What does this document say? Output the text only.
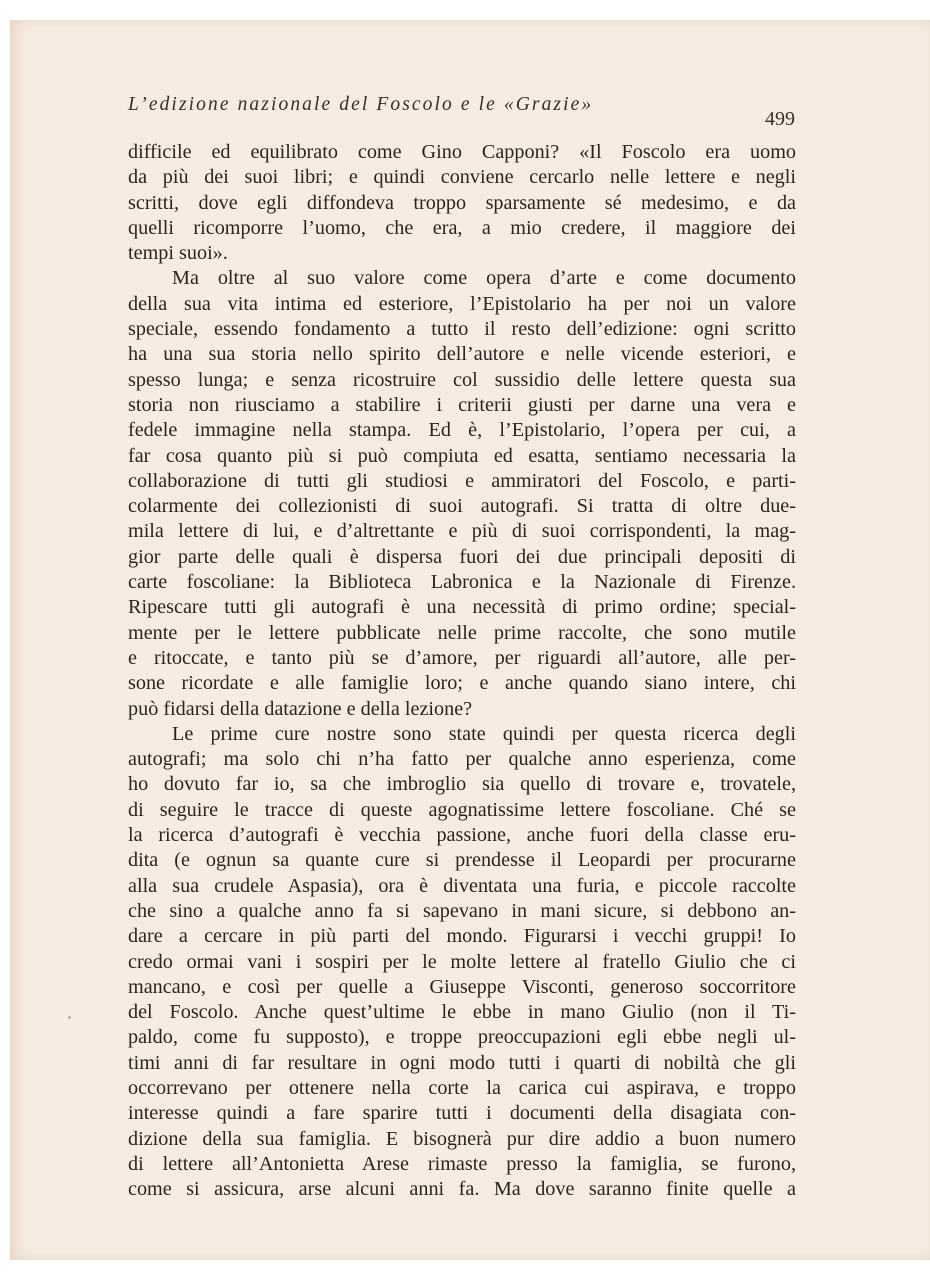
L’edizione nazionale del Foscolo e le «Grazie»
499

difficile ed equilibrato come Gino Capponi? «Il Foscolo era uomo

da più dei suoi libri; e quindi conviene cercarlo nelle lettere e negli

scritti, dove egli diffondeva troppo sparsamente sé medesimo, e da

quelli ricomporre l’uomo, che era, a mio credere, il maggiore dei

tempi suoi».

Ma oltre al suo valore come opera d’arte e come documento

della sua vita intima ed esteriore, l’Epistolario ha per noi un valore

speciale, essendo fondamento a tutto il resto dell’edizione: ogni scritto

ha una sua storia nello spirito dell’autore e nelle vicende esteriori, e

spesso lunga; e senza ricostruire col sussidio delle lettere questa sua

storia non riusciamo a stabilire i criterii giusti per darne una vera e

fedele immagine nella stampa. Ed è, l’Epistolario, l’opera per cui, a

far cosa quanto più si può compiuta ed esatta, sentiamo necessaria la

collaborazione di tutti gli studiosi e ammiratori del Foscolo, e parti-

colarmente dei collezionisti di suoi autografi. Si tratta di oltre due-

mila lettere di lui, e d’altrettante e più di suoi corrispondenti, la mag-

gior parte delle quali è dispersa fuori dei due principali depositi di

carte foscoliane: la Biblioteca Labronica e la Nazionale di Firenze.

Ripescare tutti gli autografi è una necessità di primo ordine; special-

mente per le lettere pubblicate nelle prime raccolte, che sono mutile

e ritoccate, e tanto più se d’amore, per riguardi all’autore, alle per-

sone ricordate e alle famiglie loro; e anche quando siano intere, chi

può fidarsi della datazione e della lezione?

Le prime cure nostre sono state quindi per questa ricerca degli

autografi; ma solo chi n’ha fatto per qualche anno esperienza, come

ho dovuto far io, sa che imbroglio sia quello di trovare e, trovatele,

di seguire le tracce di queste agognatissime lettere foscoliane. Ché se

la ricerca d’autografi è vecchia passione, anche fuori della classe eru-

dita (e ognun sa quante cure si prendesse il Leopardi per procurarne

alla sua crudele Aspasia), ora è diventata una furia, e piccole raccolte

che sino a qualche anno fa si sapevano in mani sicure, si debbono an-

dare a cercare in più parti del mondo. Figurarsi i vecchi gruppi! Io

credo ormai vani i sospiri per le molte lettere al fratello Giulio che ci

mancano, e così per quelle a Giuseppe Visconti, generoso soccorritore

del Foscolo. Anche quest’ultime le ebbe in mano Giulio (non il Ti-

paldo, come fu supposto), e troppe preoccupazioni egli ebbe negli ul-

timi anni di far resultare in ogni modo tutti i quarti di nobiltà che gli

occorrevano per ottenere nella corte la carica cui aspirava, e troppo

interesse quindi a fare sparire tutti i documenti della disagiata con-

dizione della sua famiglia. E bisognerà pur dire addio a buon numero

di lettere all’Antonietta Arese rimaste presso la famiglia, se furono,

come si assicura, arse alcuni anni fa. Ma dove saranno finite quelle a
